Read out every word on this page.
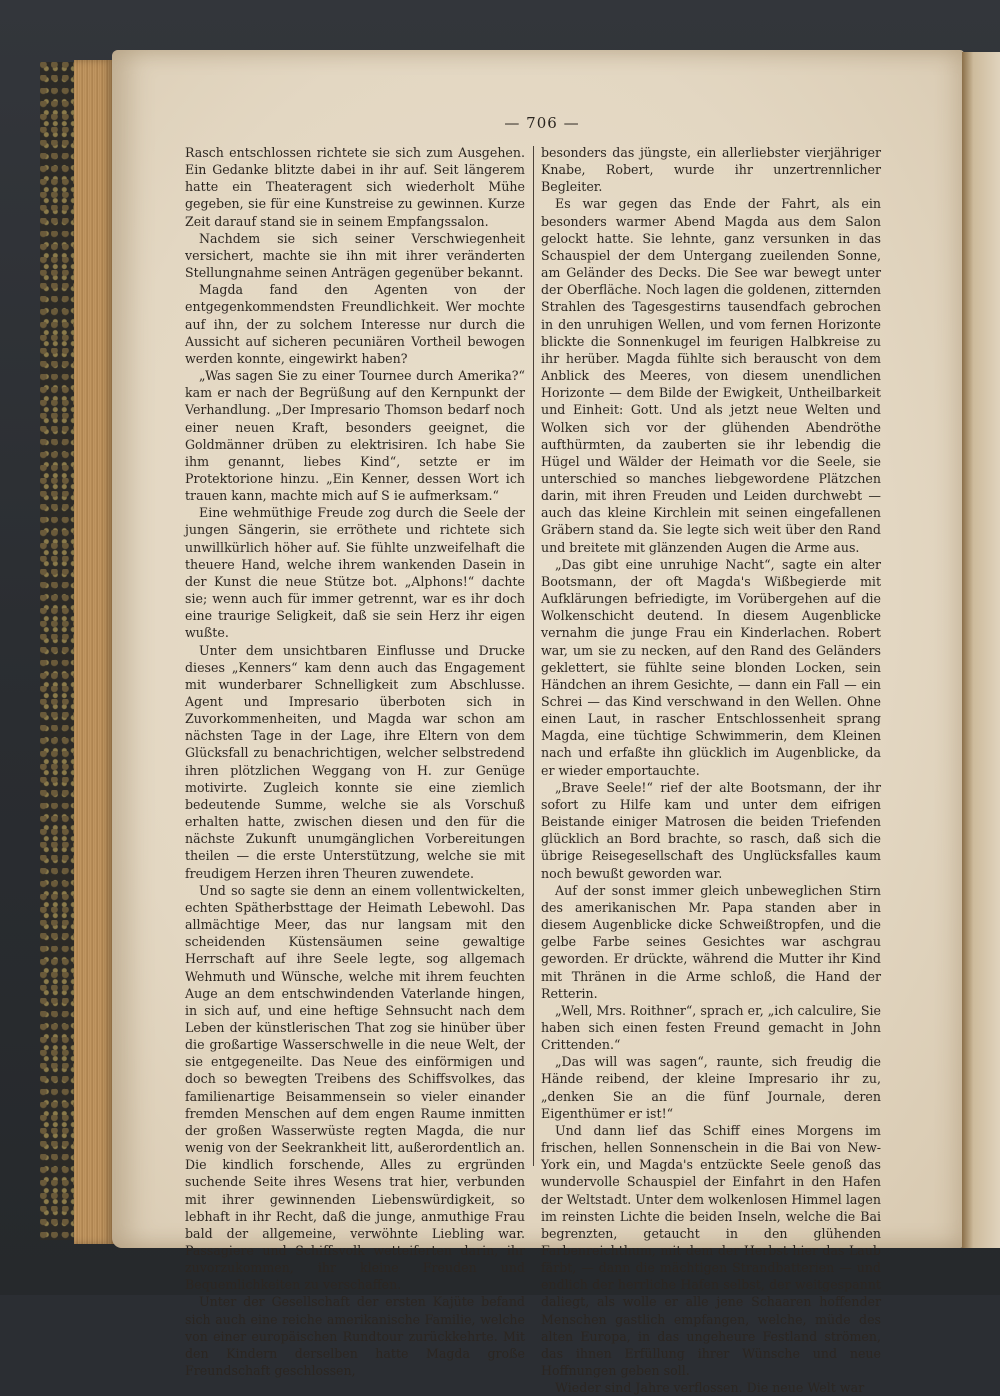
— 706 —

Rasch entschlossen richtete sie sich zum Ausgehen. Ein Gedanke blitzte dabei in ihr auf. Seit längerem hatte ein Theateragent sich wiederholt Mühe gegeben, sie für eine Kunstreise zu gewinnen. Kurze Zeit darauf stand sie in seinem Empfangssalon.

Nachdem sie sich seiner Verschwiegenheit versichert, machte sie ihn mit ihrer veränderten Stellungnahme seinen Anträgen gegenüber bekannt.

Magda fand den Agenten von der entgegenkommendsten Freundlichkeit. Wer mochte auf ihn, der zu solchem Interesse nur durch die Aussicht auf sicheren pecuniären Vortheil bewogen werden konnte, eingewirkt haben?

„Was sagen Sie zu einer Tournee durch Amerika?“ kam er nach der Begrüßung auf den Kernpunkt der Verhandlung. „Der Impresario Thomson bedarf noch einer neuen Kraft, besonders geeignet, die Goldmänner drüben zu elektrisiren. Ich habe Sie ihm genannt, liebes Kind“, setzte er im Protektorione hinzu. „Ein Kenner, dessen Wort ich trauen kann, machte mich auf S ie aufmerksam.“

Eine wehmüthige Freude zog durch die Seele der jungen Sängerin, sie erröthete und richtete sich unwillkürlich höher auf. Sie fühlte unzweifelhaft die theuere Hand, welche ihrem wankenden Dasein in der Kunst die neue Stütze bot. „Alphons!“ dachte sie; wenn auch für immer getrennt, war es ihr doch eine traurige Seligkeit, daß sie sein Herz ihr eigen wußte.

Unter dem unsichtbaren Einflusse und Drucke dieses „Kenners“ kam denn auch das Engagement mit wunderbarer Schnelligkeit zum Abschlusse. Agent und Impresario überboten sich in Zuvorkommenheiten, und Magda war schon am nächsten Tage in der Lage, ihre Eltern von dem Glücksfall zu benachrichtigen, welcher selbstredend ihren plötzlichen Weggang von H. zur Genüge motivirte. Zugleich konnte sie eine ziemlich bedeutende Summe, welche sie als Vorschuß erhalten hatte, zwischen diesen und den für die nächste Zukunft unumgänglichen Vorbereitungen theilen — die erste Unterstützung, welche sie mit freudigem Herzen ihren Theuren zuwendete.

Und so sagte sie denn an einem vollentwickelten, echten Spätherbsttage der Heimath Lebewohl. Das allmächtige Meer, das nur langsam mit den scheidenden Küstensäumen seine gewaltige Herrschaft auf ihre Seele legte, sog allgemach Wehmuth und Wünsche, welche mit ihrem feuchten Auge an dem entschwindenden Vaterlande hingen, in sich auf, und eine heftige Sehnsucht nach dem Leben der künstlerischen That zog sie hinüber über die großartige Wasserschwelle in die neue Welt, der sie entgegeneilte. Das Neue des einförmigen und doch so bewegten Treibens des Schiffsvolkes, das familienartige Beisammensein so vieler einander fremden Menschen auf dem engen Raume inmitten der großen Wasserwüste regten Magda, die nur wenig von der Seekrankheit litt, außerordentlich an. Die kindlich forschende, Alles zu ergründen suchende Seite ihres Wesens trat hier, verbunden mit ihrer gewinnenden Liebenswürdigkeit, so lebhaft in ihr Recht, daß die junge, anmuthige Frau bald der allgemeine, verwöhnte Liebling war. Passagiere und Schiffsvolk wetteiferten darin, ihr zuvorzukommen, ihr kleine Freuden und Bequemlichkeiten zu verschaffen.

Unter der Gesellschaft der ersten Kajüte befand sich auch eine reiche amerikanische Familie, welche von einer europäischen Rundtour zurückkehrte. Mit den Kindern derselben hatte Magda große Freundschaft geschlossen,

besonders das jüngste, ein allerliebster vierjähriger Knabe, Robert, wurde ihr unzertrennlicher Begleiter.

Es war gegen das Ende der Fahrt, als ein besonders warmer Abend Magda aus dem Salon gelockt hatte. Sie lehnte, ganz versunken in das Schauspiel der dem Untergang zueilenden Sonne, am Geländer des Decks. Die See war bewegt unter der Oberfläche. Noch lagen die goldenen, zitternden Strahlen des Tagesgestirns tausendfach gebrochen in den unruhigen Wellen, und vom fernen Horizonte blickte die Sonnenkugel im feurigen Halbkreise zu ihr herüber. Magda fühlte sich berauscht von dem Anblick des Meeres, von diesem unendlichen Horizonte — dem Bilde der Ewigkeit, Untheilbarkeit und Einheit: Gott. Und als jetzt neue Welten und Wolken sich vor der glühenden Abendröthe aufthürmten, da zauberten sie ihr lebendig die Hügel und Wälder der Heimath vor die Seele, sie unterschied so manches liebgewordene Plätzchen darin, mit ihren Freuden und Leiden durchwebt — auch das kleine Kirchlein mit seinen eingefallenen Gräbern stand da. Sie legte sich weit über den Rand und breitete mit glänzenden Augen die Arme aus.

„Das gibt eine unruhige Nacht“, sagte ein alter Bootsmann, der oft Magda's Wißbegierde mit Aufklärungen befriedigte, im Vorübergehen auf die Wolkenschicht deutend. In diesem Augenblicke vernahm die junge Frau ein Kinderlachen. Robert war, um sie zu necken, auf den Rand des Geländers geklettert, sie fühlte seine blonden Locken, sein Händchen an ihrem Gesichte, — dann ein Fall — ein Schrei — das Kind verschwand in den Wellen. Ohne einen Laut, in rascher Entschlossenheit sprang Magda, eine tüchtige Schwimmerin, dem Kleinen nach und erfaßte ihn glücklich im Augenblicke, da er wieder emportauchte.

„Brave Seele!“ rief der alte Bootsmann, der ihr sofort zu Hilfe kam und unter dem eifrigen Beistande einiger Matrosen die beiden Triefenden glücklich an Bord brachte, so rasch, daß sich die übrige Reisegesellschaft des Unglücksfalles kaum noch bewußt geworden war.

Auf der sonst immer gleich unbeweglichen Stirn des amerikanischen Mr. Papa standen aber in diesem Augenblicke dicke Schweißtropfen, und die gelbe Farbe seines Gesichtes war aschgrau geworden. Er drückte, während die Mutter ihr Kind mit Thränen in die Arme schloß, die Hand der Retterin.

„Well, Mrs. Roithner“, sprach er, „ich calculire, Sie haben sich einen festen Freund gemacht in John Crittenden.“

„Das will was sagen“, raunte, sich freudig die Hände reibend, der kleine Impresario ihr zu, „denken Sie an die fünf Journale, deren Eigenthümer er ist!“

Und dann lief das Schiff eines Morgens im frischen, hellen Sonnenschein in die Bai von New-York ein, und Magda's entzückte Seele genoß das wundervolle Schauspiel der Einfahrt in den Hafen der Weltstadt. Unter dem wolkenlosen Himmel lagen im reinsten Lichte die beiden Inseln, welche die Bai begrenzten, getaucht in den glühenden Farbenreichthum, mit dem der Herbst hier das Laub färbt, — dann die mächtigen Strandbatterien — und endlich der herrliche Hafen selbst, der weitgespannt daliegt, als wolle er alle jene Schaaren hoffender Menschen gastlich empfangen, welche, müde des alten Europa, in das ungeheure Festland strömen, das ihnen Erfüllung ihrer Wünsche und neue Hoffnungen geben soll.

Wieder sind Jahre verflossen. Die neue Welt war
